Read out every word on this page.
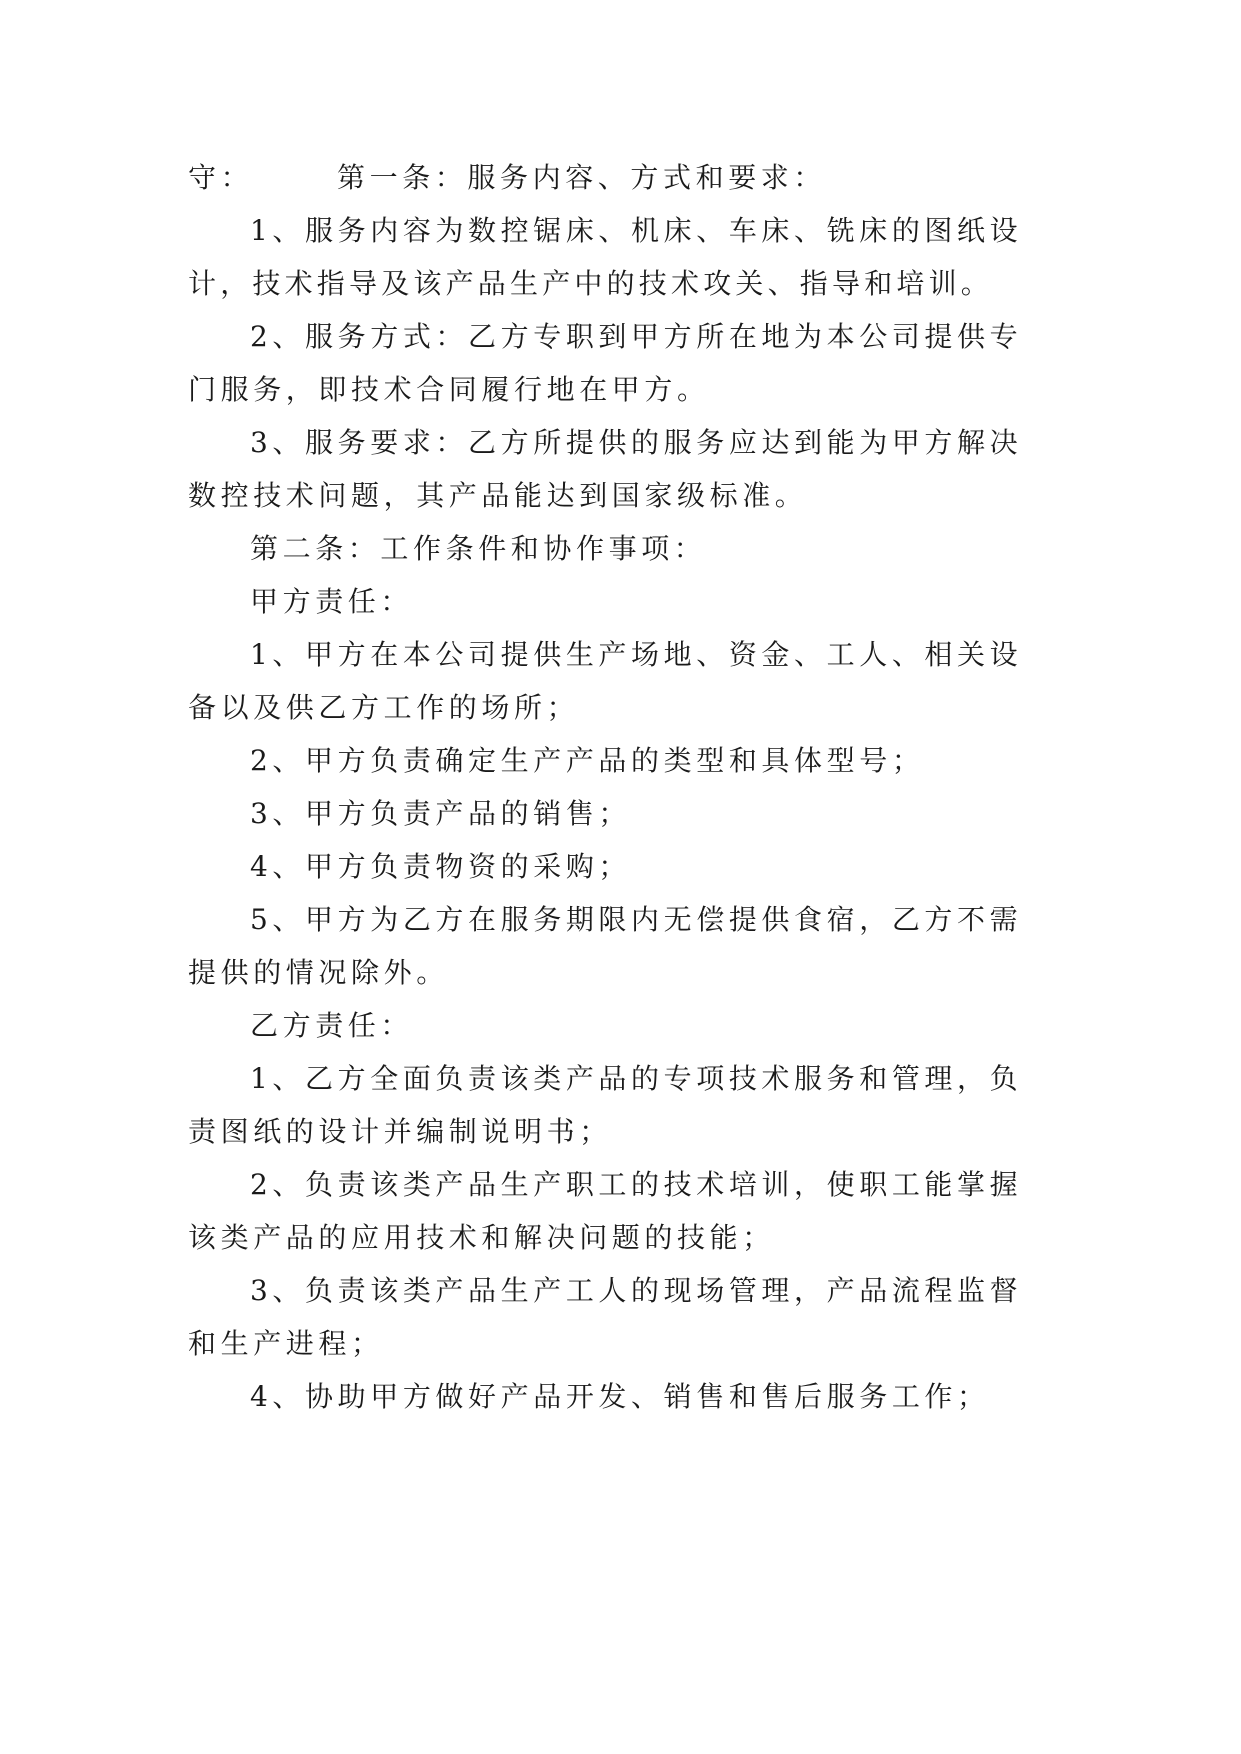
守：　　　第一条：服务内容、方式和要求：
1、服务内容为数控锯床、机床、车床、铣床的图纸设
计，技术指导及该产品生产中的技术攻关、指导和培训。
2、服务方式：乙方专职到甲方所在地为本公司提供专
门服务，即技术合同履行地在甲方。
3、服务要求：乙方所提供的服务应达到能为甲方解决
数控技术问题，其产品能达到国家级标准。
第二条：工作条件和协作事项：
甲方责任：
1、甲方在本公司提供生产场地、资金、工人、相关设
备以及供乙方工作的场所；
2、甲方负责确定生产产品的类型和具体型号；
3、甲方负责产品的销售；
4、甲方负责物资的采购；
5、甲方为乙方在服务期限内无偿提供食宿，乙方不需
提供的情况除外。
乙方责任：
1、乙方全面负责该类产品的专项技术服务和管理，负
责图纸的设计并编制说明书；
2、负责该类产品生产职工的技术培训，使职工能掌握
该类产品的应用技术和解决问题的技能；
3、负责该类产品生产工人的现场管理，产品流程监督
和生产进程；
4、协助甲方做好产品开发、销售和售后服务工作；
